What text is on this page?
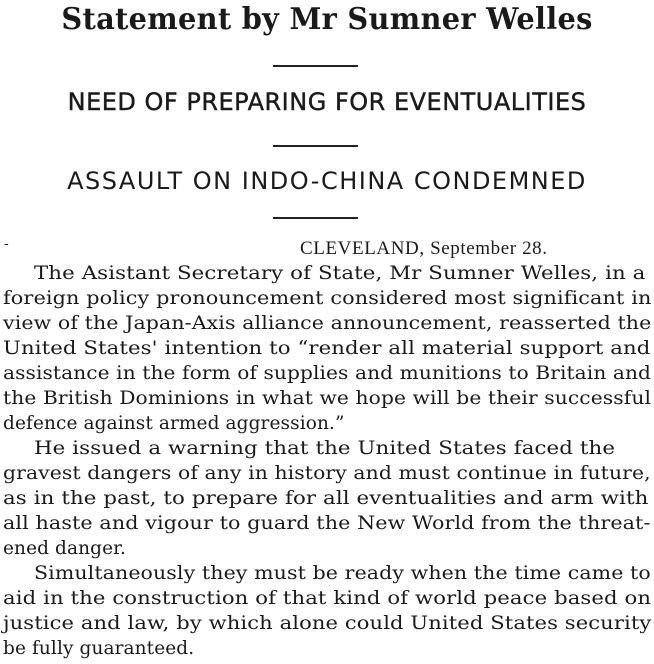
Statement by Mr Sumner Welles
NEED OF PREPARING FOR EVENTUALITIES
ASSAULT ON INDO-CHINA CONDEMNED
-	CLEVELAND, September 28.
The Asistant Secretary of State, Mr Sumner Welles, in a
foreign policy pronouncement considered most significant in
view of the Japan-Axis alliance announcement, reasserted the
United States' intention to “render all material support and
assistance in the form of supplies and munitions to Britain and
the British Dominions in what we hope will be their successful
defence against armed aggression.”
He issued a warning that the United States faced the
gravest dangers of any in history and must continue in future,
as in the past, to prepare for all eventualities and arm with
all haste and vigour to guard the New World from the threat-
ened danger.
Simultaneously they must be ready when the time came to
aid in the construction of that kind of world peace based on
justice and law, by which alone could United States security
be fully guaranteed.
